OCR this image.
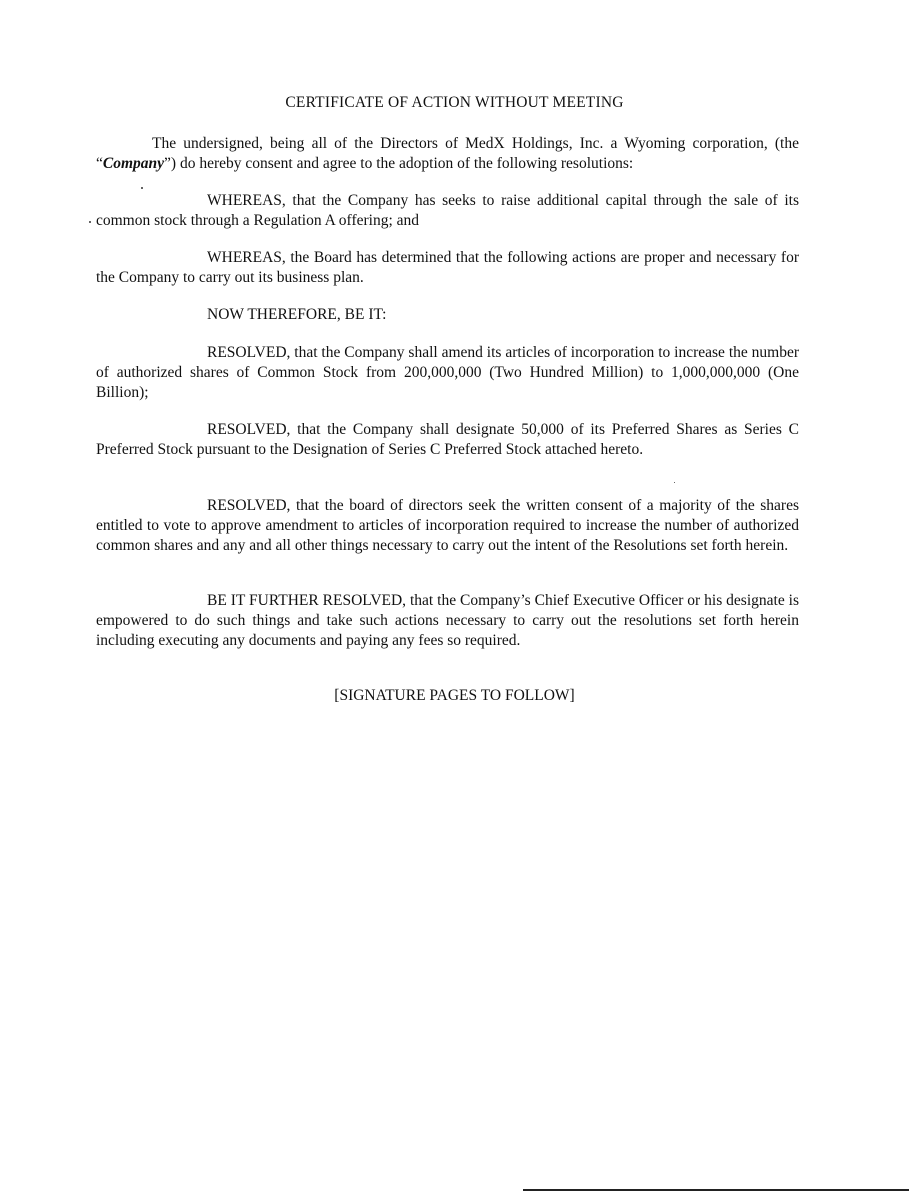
CERTIFICATE OF ACTION WITHOUT MEETING

The undersigned, being all of the Directors of MedX Holdings, Inc. a Wyoming corporation, (the “Company”) do hereby consent and agree to the adoption of the following resolutions:

WHEREAS, that the Company has seeks to raise additional capital through the sale of its common stock through a Regulation A offering; and

WHEREAS, the Board has determined that the following actions are proper and necessary for the Company to carry out its business plan.

NOW THEREFORE, BE IT:

RESOLVED, that the Company shall amend its articles of incorporation to increase the number of authorized shares of Common Stock from 200,000,000 (Two Hundred Million) to 1,000,000,000 (One Billion);

RESOLVED, that the Company shall designate 50,000 of its Preferred Shares as Series C Preferred Stock pursuant to the Designation of Series C Preferred Stock attached hereto.

RESOLVED, that the board of directors seek the written consent of a majority of the shares entitled to vote to approve amendment to articles of incorporation required to increase the number of authorized common shares and any and all other things necessary to carry out the intent of the Resolutions set forth herein.

BE IT FURTHER RESOLVED, that the Company’s Chief Executive Officer or his designate is empowered to do such things and take such actions necessary to carry out the resolutions set forth herein including executing any documents and paying any fees so required.

[SIGNATURE PAGES TO FOLLOW]
